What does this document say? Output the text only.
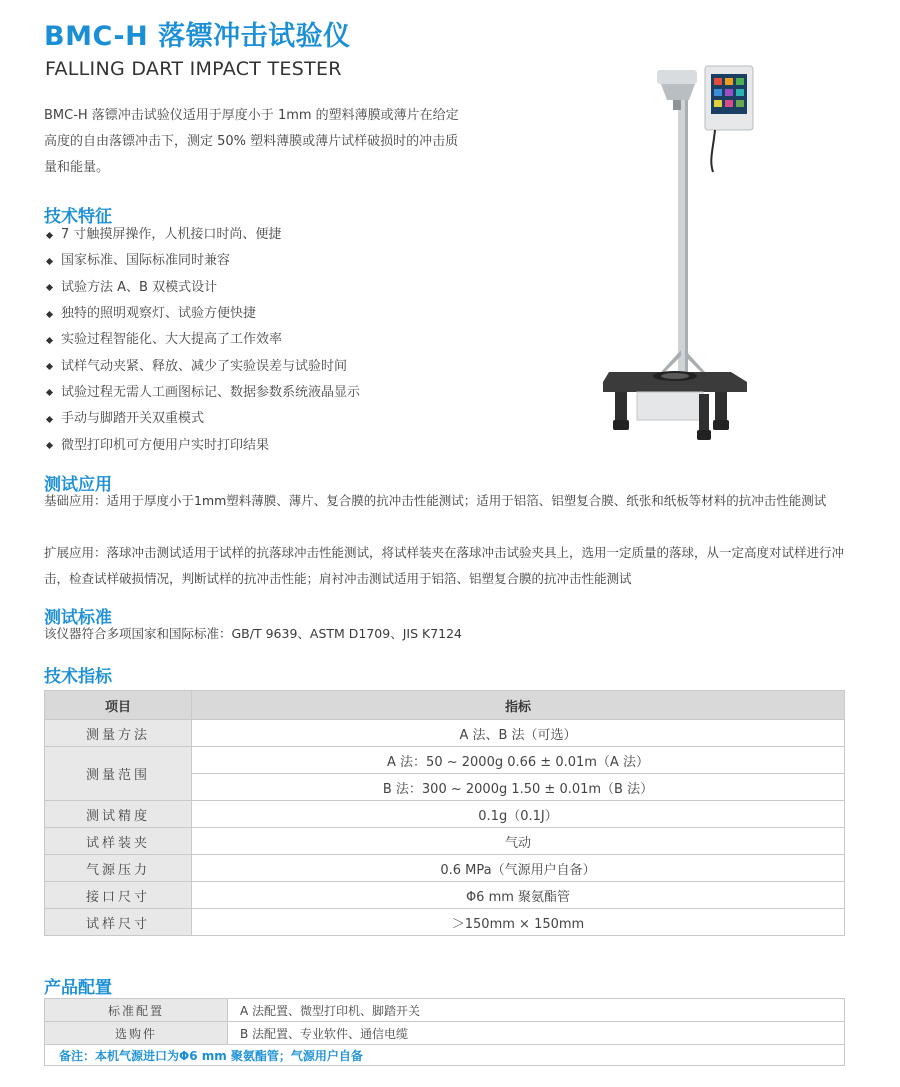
BMC-H 落镖冲击试验仪

FALLING DART IMPACT TESTER

BMC-H 落镖冲击试验仪适用于厚度小于 1mm 的塑料薄膜或薄片在给定高度的自由落镖冲击下，测定 50% 塑料薄膜或薄片试样破损时的冲击质量和能量。

技术特征
7 寸触摸屏操作，人机接口时尚、便捷
国家标准、国际标准同时兼容
试验方法 A、B 双模式设计
独特的照明观察灯、试验方便快捷
实验过程智能化、大大提高了工作效率
试样气动夹紧、释放、减少了实验误差与试验时间
试验过程无需人工画图标记、数据参数系统液晶显示
手动与脚踏开关双重模式
微型打印机可方便用户实时打印结果
测试应用

基础应用：适用于厚度小于1mm塑料薄膜、薄片、复合膜的抗冲击性能测试；适用于铝箔、铝塑复合膜、纸张和纸板等材料的抗冲击性能测试

扩展应用：落球冲击测试适用于试样的抗落球冲击性能测试，将试样装夹在落球冲击试验夹具上，选用一定质量的落球，从一定高度对试样进行冲击，检查试样破损情况，判断试样的抗冲击性能；肩衬冲击测试适用于铝箔、铝塑复合膜的抗冲击性能测试

测试标准

该仪器符合多项国家和国际标准：GB/T 9639、ASTM D1709、JIS K7124

技术指标
项目	指标
测量方法	A 法、B 法（可选）
测量范围	A 法：50 ~ 2000g 0.66 ± 0.01m（A 法）
	B 法：300 ~ 2000g 1.50 ± 0.01m（B 法）
测试精度	0.1g（0.1J）
试样装夹	气动
气源压力	0.6 MPa（气源用户自备）
接口尺寸	Φ6 mm 聚氨酯管
试样尺寸	＞150mm × 150mm
产品配置
标准配置	A 法配置、微型打印机、脚踏开关
选购件	B 法配置、专业软件、通信电缆
备注：本机气源进口为Φ6 mm 聚氨酯管；气源用户自备	
